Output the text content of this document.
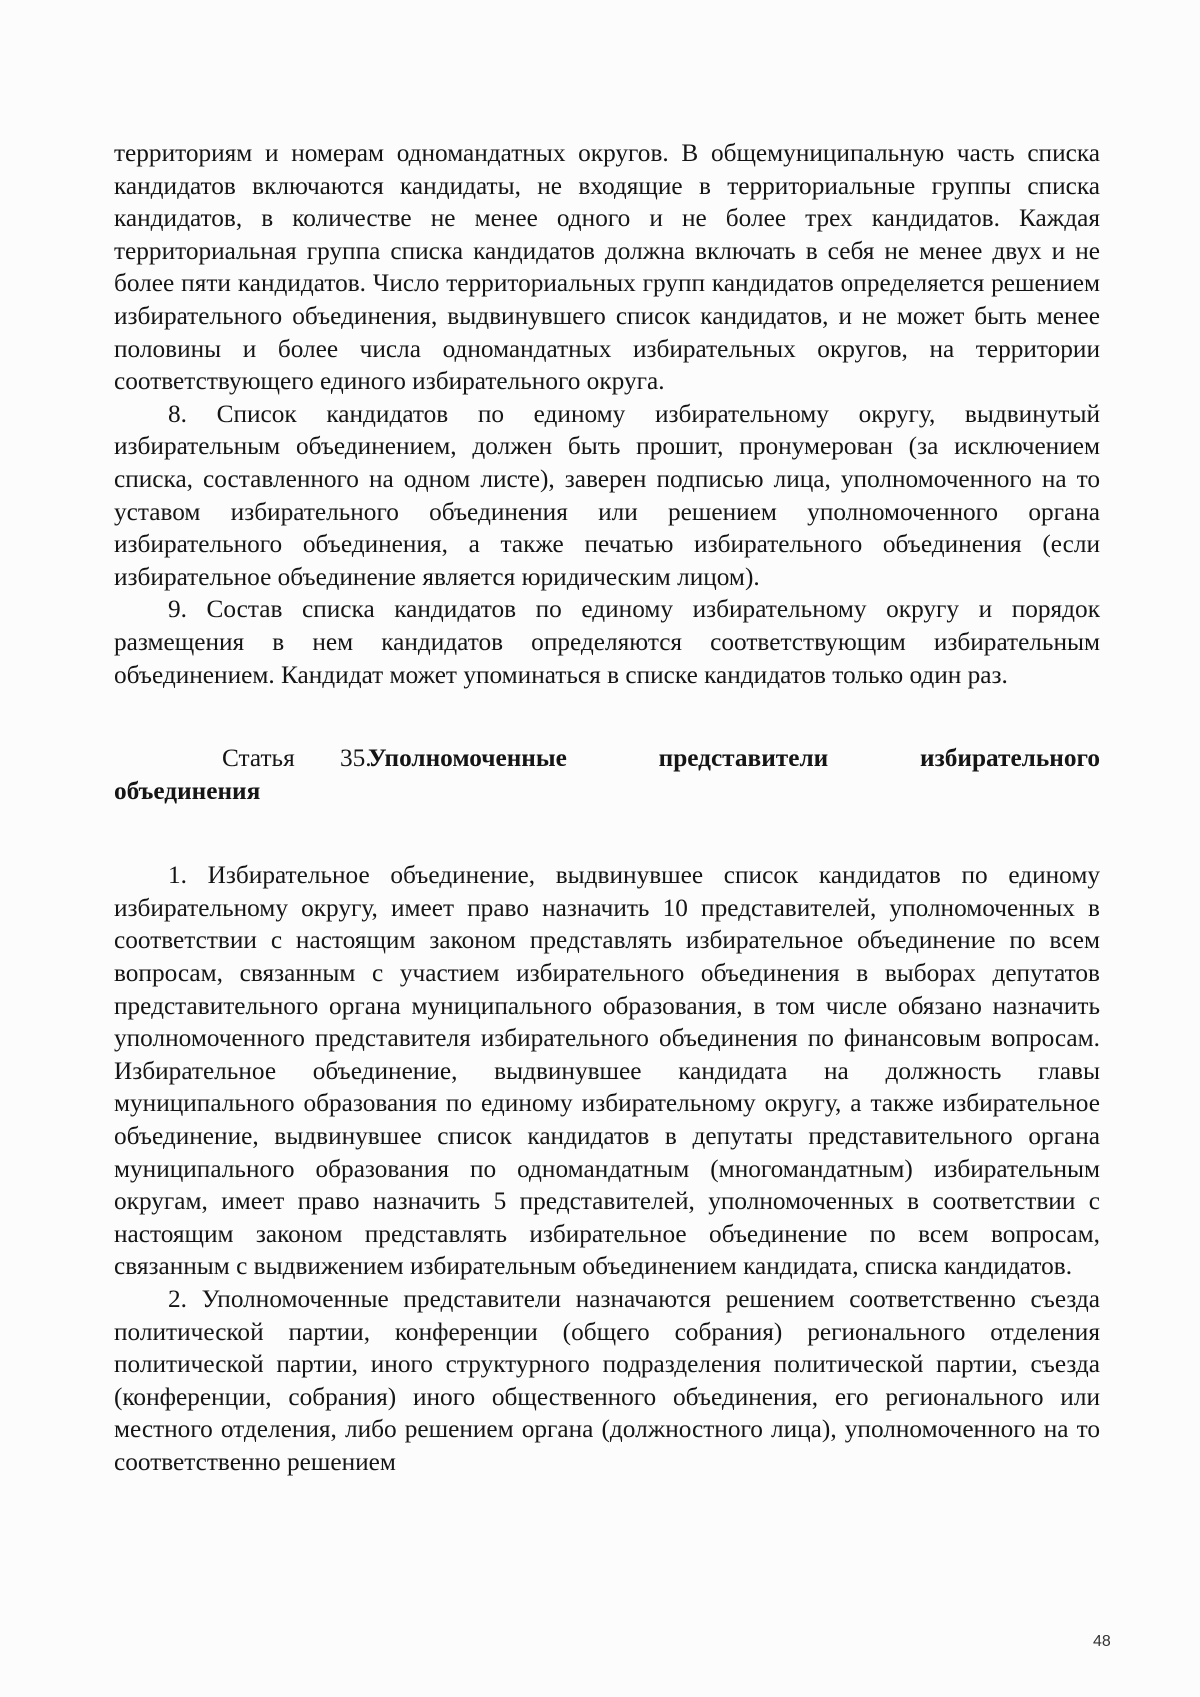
территориям и номерам одномандатных округов. В общемуниципальную часть списка кандидатов включаются кандидаты, не входящие в территориальные группы списка кандидатов, в количестве не менее одного и не более трех кандидатов. Каждая территориальная группа списка кандидатов должна включать в себя не менее двух и не более пяти кандидатов. Число территориальных групп кандидатов определяется решением избирательного объединения, выдвинувшего список кандидатов, и не может быть менее половины и более числа одномандатных избирательных округов, на территории соответствующего единого избирательного округа.

8. Список кандидатов по единому избирательному округу, выдвинутый избирательным объединением, должен быть прошит, пронумерован (за исключением списка, составленного на одном листе), заверен подписью лица, уполномоченного на то уставом избирательного объединения или решением уполномоченного органа избирательного объединения, а также печатью избирательного объединения (если избирательное объединение является юридическим лицом).

9. Состав списка кандидатов по единому избирательному округу и порядок размещения в нем кандидатов определяются соответствующим избирательным объединением. Кандидат может упоминаться в списке кандидатов только один раз.

Статья 35.Уполномоченные представители избирательного объединения

1. Избирательное объединение, выдвинувшее список кандидатов по единому избирательному округу, имеет право назначить 10 представителей, уполномоченных в соответствии с настоящим законом представлять избирательное объединение по всем вопросам, связанным с участием избирательного объединения в выборах депутатов представительного органа муниципального образования, в том числе обязано назначить уполномоченного представителя избирательного объединения по финансовым вопросам. Избирательное объединение, выдвинувшее кандидата на должность главы муниципального образования по единому избирательному округу, а также избирательное объединение, выдвинувшее список кандидатов в депутаты представительного органа муниципального образования по одномандатным (многомандатным) избирательным округам, имеет право назначить 5 представителей, уполномоченных в соответствии с настоящим законом представлять избирательное объединение по всем вопросам, связанным с выдвижением избирательным объединением кандидата, списка кандидатов.

2. Уполномоченные представители назначаются решением соответственно съезда политической партии, конференции (общего собрания) регионального отделения политической партии, иного структурного подразделения политической партии, съезда (конференции, собрания) иного общественного объединения, его регионального или местного отделения, либо решением органа (должностного лица), уполномоченного на то соответственно решением

48
